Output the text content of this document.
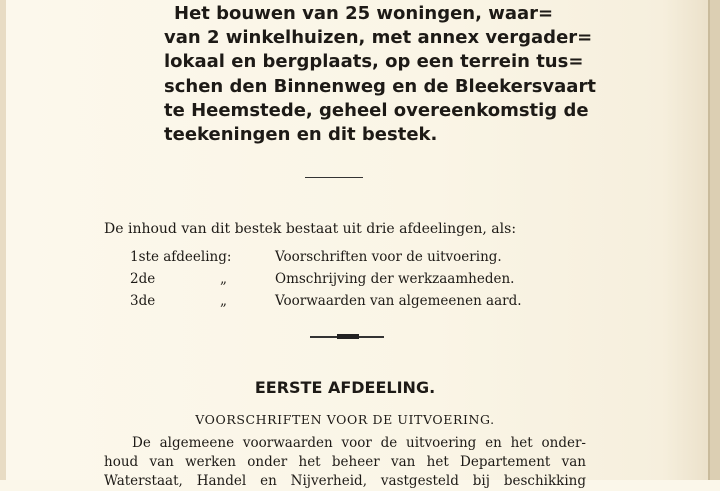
Het bouwen van 25 woningen, waar=
van 2 winkelhuizen, met annex vergader=
lokaal en bergplaats, op een terrein tus=
schen den Binnenweg en de Bleekersvaart
te Heemstede, geheel overeenkomstig de
teekeningen en dit bestek.

De inhoud van dit bestek bestaat uit drie afdeelingen, als:

1ste afdeeling:	Voorschriften voor de uitvoering.
2de	„	Omschrijving der werkzaamheden.
3de	„	Voorwaarden van algemeenen aard.
EERSTE AFDEELING.

VOORSCHRIFTEN VOOR DE UITVOERING.

De algemeene voorwaarden voor de uitvoering en het onder-
houd van werken onder het beheer van het Departement van
Waterstaat, Handel en Nijverheid, vastgesteld bij beschikking
